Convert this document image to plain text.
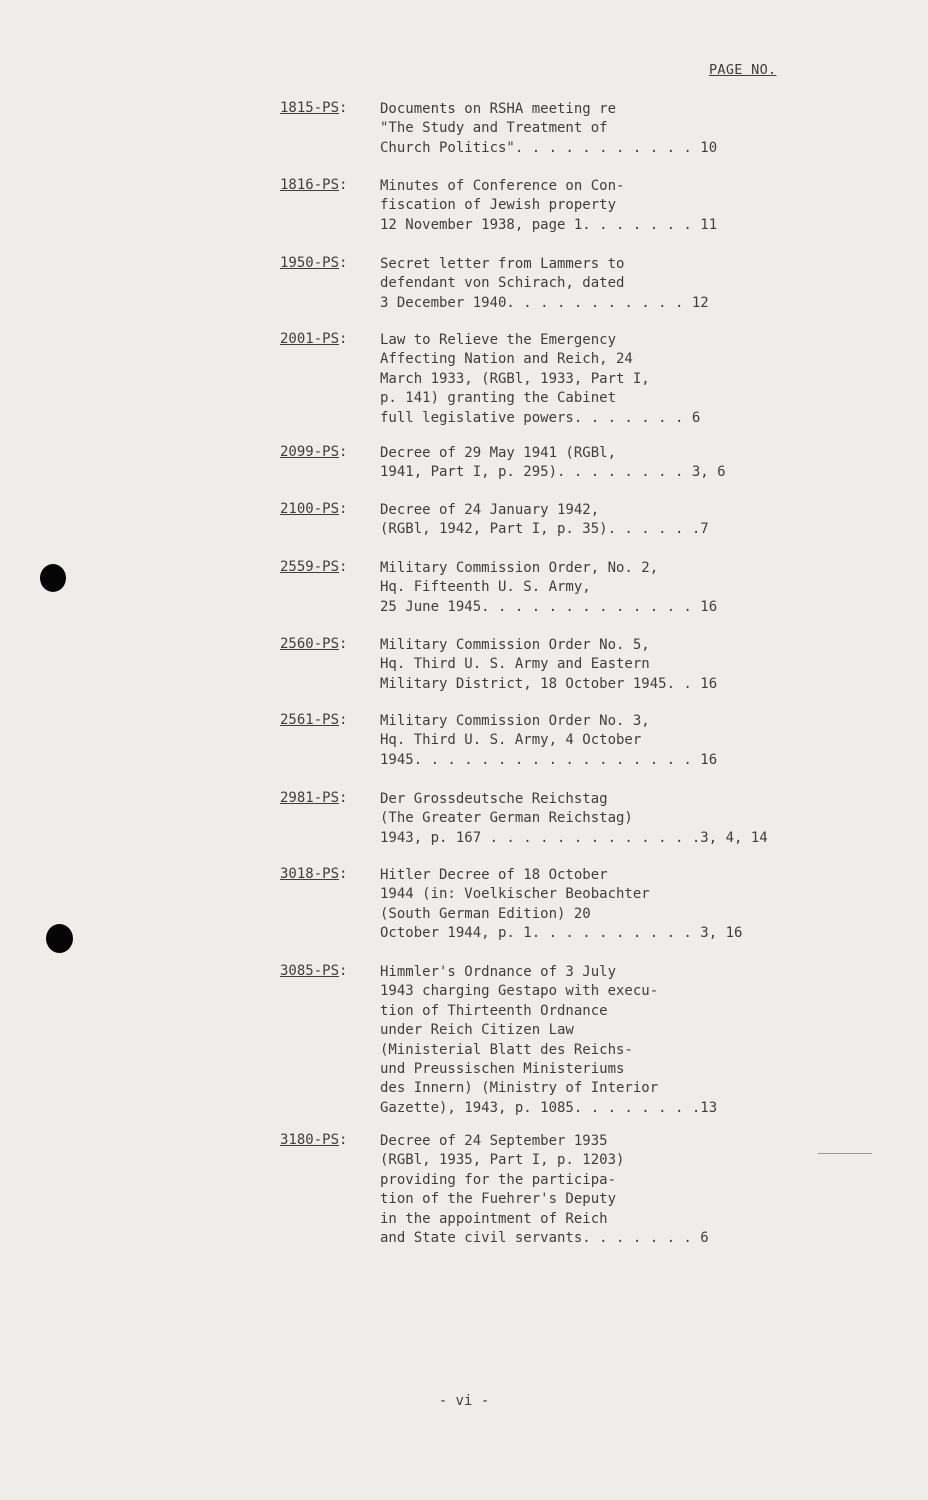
PAGE NO.
1815-PS:	Documents on RSHA meeting re
"The Study and Treatment of
Church Politics". . . . . . . . . . . 10
1816-PS:	Minutes of Conference on Con-
fiscation of Jewish property
12 November 1938, page 1. . . . . . . 11
1950-PS:	Secret letter from Lammers to
defendant von Schirach, dated
3 December 1940. . . . . . . . . . . 12
2001-PS:	Law to Relieve the Emergency
Affecting Nation and Reich, 24
March 1933, (RGBl, 1933, Part I,
p. 141) granting the Cabinet
full legislative powers. . . . . . . 6
2099-PS:	Decree of 29 May 1941 (RGBl,
1941, Part I, p. 295). . . . . . . . 3, 6
2100-PS:	Decree of 24 January 1942,
(RGBl, 1942, Part I, p. 35). . . . . .7
2559-PS:	Military Commission Order, No. 2,
Hq. Fifteenth U. S. Army,
25 June 1945. . . . . . . . . . . . . 16
2560-PS:	Military Commission Order No. 5,
Hq. Third U. S. Army and Eastern
Military District, 18 October 1945. . 16
2561-PS:	Military Commission Order No. 3,
Hq. Third U. S. Army, 4 October
1945. . . . . . . . . . . . . . . . . 16
2981-PS:	Der Grossdeutsche Reichstag
(The Greater German Reichstag)
1943, p. 167 . . . . . . . . . . . . .3, 4, 14
3018-PS:	Hitler Decree of 18 October
1944 (in: Voelkischer Beobachter
(South German Edition) 20
October 1944, p. 1. . . . . . . . . . 3, 16
3085-PS:	Himmler's Ordnance of 3 July
1943 charging Gestapo with execu-
tion of Thirteenth Ordnance
under Reich Citizen Law
(Ministerial Blatt des Reichs-
und Preussischen Ministeriums
des Innern) (Ministry of Interior
Gazette), 1943, p. 1085. . . . . . . .13
3180-PS:	Decree of 24 September 1935
(RGBl, 1935, Part I, p. 1203)
providing for the participa-
tion of the Fuehrer's Deputy
in the appointment of Reich
and State civil servants. . . . . . . 6
- vi -
